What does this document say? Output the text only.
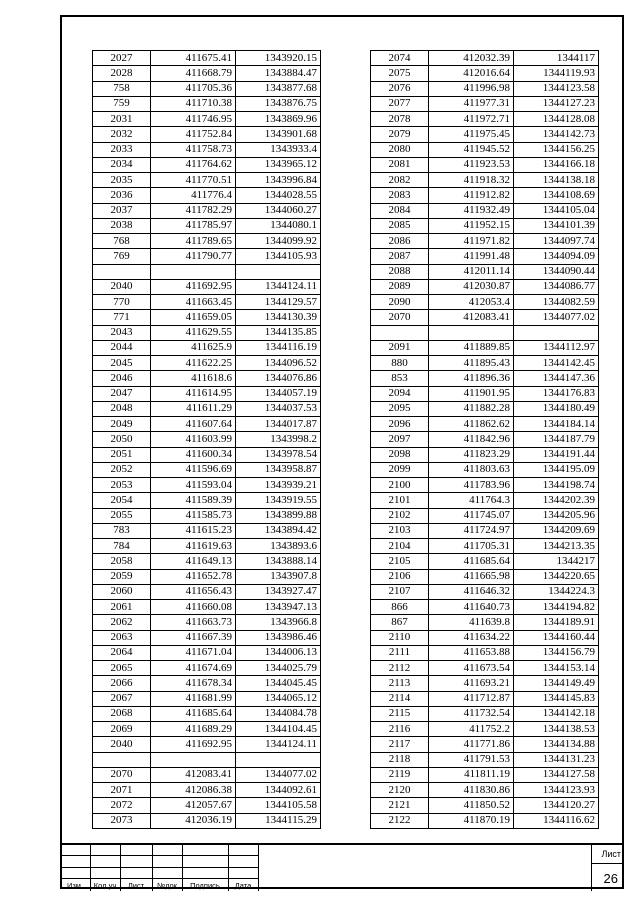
2027	411675.41	1343920.15
2028	411668.79	1343884.47
758	411705.36	1343877.68
759	411710.38	1343876.75
2031	411746.95	1343869.96
2032	411752.84	1343901.68
2033	411758.73	1343933.4
2034	411764.62	1343965.12
2035	411770.51	1343996.84
2036	411776.4	1344028.55
2037	411782.29	1344060.27
2038	411785.97	1344080.1
768	411789.65	1344099.92
769	411790.77	1344105.93

2040	411692.95	1344124.11
770	411663.45	1344129.57
771	411659.05	1344130.39
2043	411629.55	1344135.85
2044	411625.9	1344116.19
2045	411622.25	1344096.52
2046	411618.6	1344076.86
2047	411614.95	1344057.19
2048	411611.29	1344037.53
2049	411607.64	1344017.87
2050	411603.99	1343998.2
2051	411600.34	1343978.54
2052	411596.69	1343958.87
2053	411593.04	1343939.21
2054	411589.39	1343919.55
2055	411585.73	1343899.88
783	411615.23	1343894.42
784	411619.63	1343893.6
2058	411649.13	1343888.14
2059	411652.78	1343907.8
2060	411656.43	1343927.47
2061	411660.08	1343947.13
2062	411663.73	1343966.8
2063	411667.39	1343986.46
2064	411671.04	1344006.13
2065	411674.69	1344025.79
2066	411678.34	1344045.45
2067	411681.99	1344065.12
2068	411685.64	1344084.78
2069	411689.29	1344104.45
2040	411692.95	1344124.11

2070	412083.41	1344077.02
2071	412086.38	1344092.61
2072	412057.67	1344105.58
2073	412036.19	1344115.29
2074	412032.39	1344117
2075	412016.64	1344119.93
2076	411996.98	1344123.58
2077	411977.31	1344127.23
2078	411972.71	1344128.08
2079	411975.45	1344142.73
2080	411945.52	1344156.25
2081	411923.53	1344166.18
2082	411918.32	1344138.18
2083	411912.82	1344108.69
2084	411932.49	1344105.04
2085	411952.15	1344101.39
2086	411971.82	1344097.74
2087	411991.48	1344094.09
2088	412011.14	1344090.44
2089	412030.87	1344086.77
2090	412053.4	1344082.59
2070	412083.41	1344077.02

2091	411889.85	1344112.97
880	411895.43	1344142.45
853	411896.36	1344147.36
2094	411901.95	1344176.83
2095	411882.28	1344180.49
2096	411862.62	1344184.14
2097	411842.96	1344187.79
2098	411823.29	1344191.44
2099	411803.63	1344195.09
2100	411783.96	1344198.74
2101	411764.3	1344202.39
2102	411745.07	1344205.96
2103	411724.97	1344209.69
2104	411705.31	1344213.35
2105	411685.64	1344217
2106	411665.98	1344220.65
2107	411646.32	1344224.3
866	411640.73	1344194.82
867	411639.8	1344189.91
2110	411634.22	1344160.44
2111	411653.88	1344156.79
2112	411673.54	1344153.14
2113	411693.21	1344149.49
2114	411712.87	1344145.83
2115	411732.54	1344142.18
2116	411752.2	1344138.53
2117	411771.86	1344134.88
2118	411791.53	1344131.23
2119	411811.19	1344127.58
2120	411830.86	1344123.93
2121	411850.52	1344120.27
2122	411870.19	1344116.62
Изм.	Кол.уч	Лист	№док	Подпись	Дата
Лист
26
